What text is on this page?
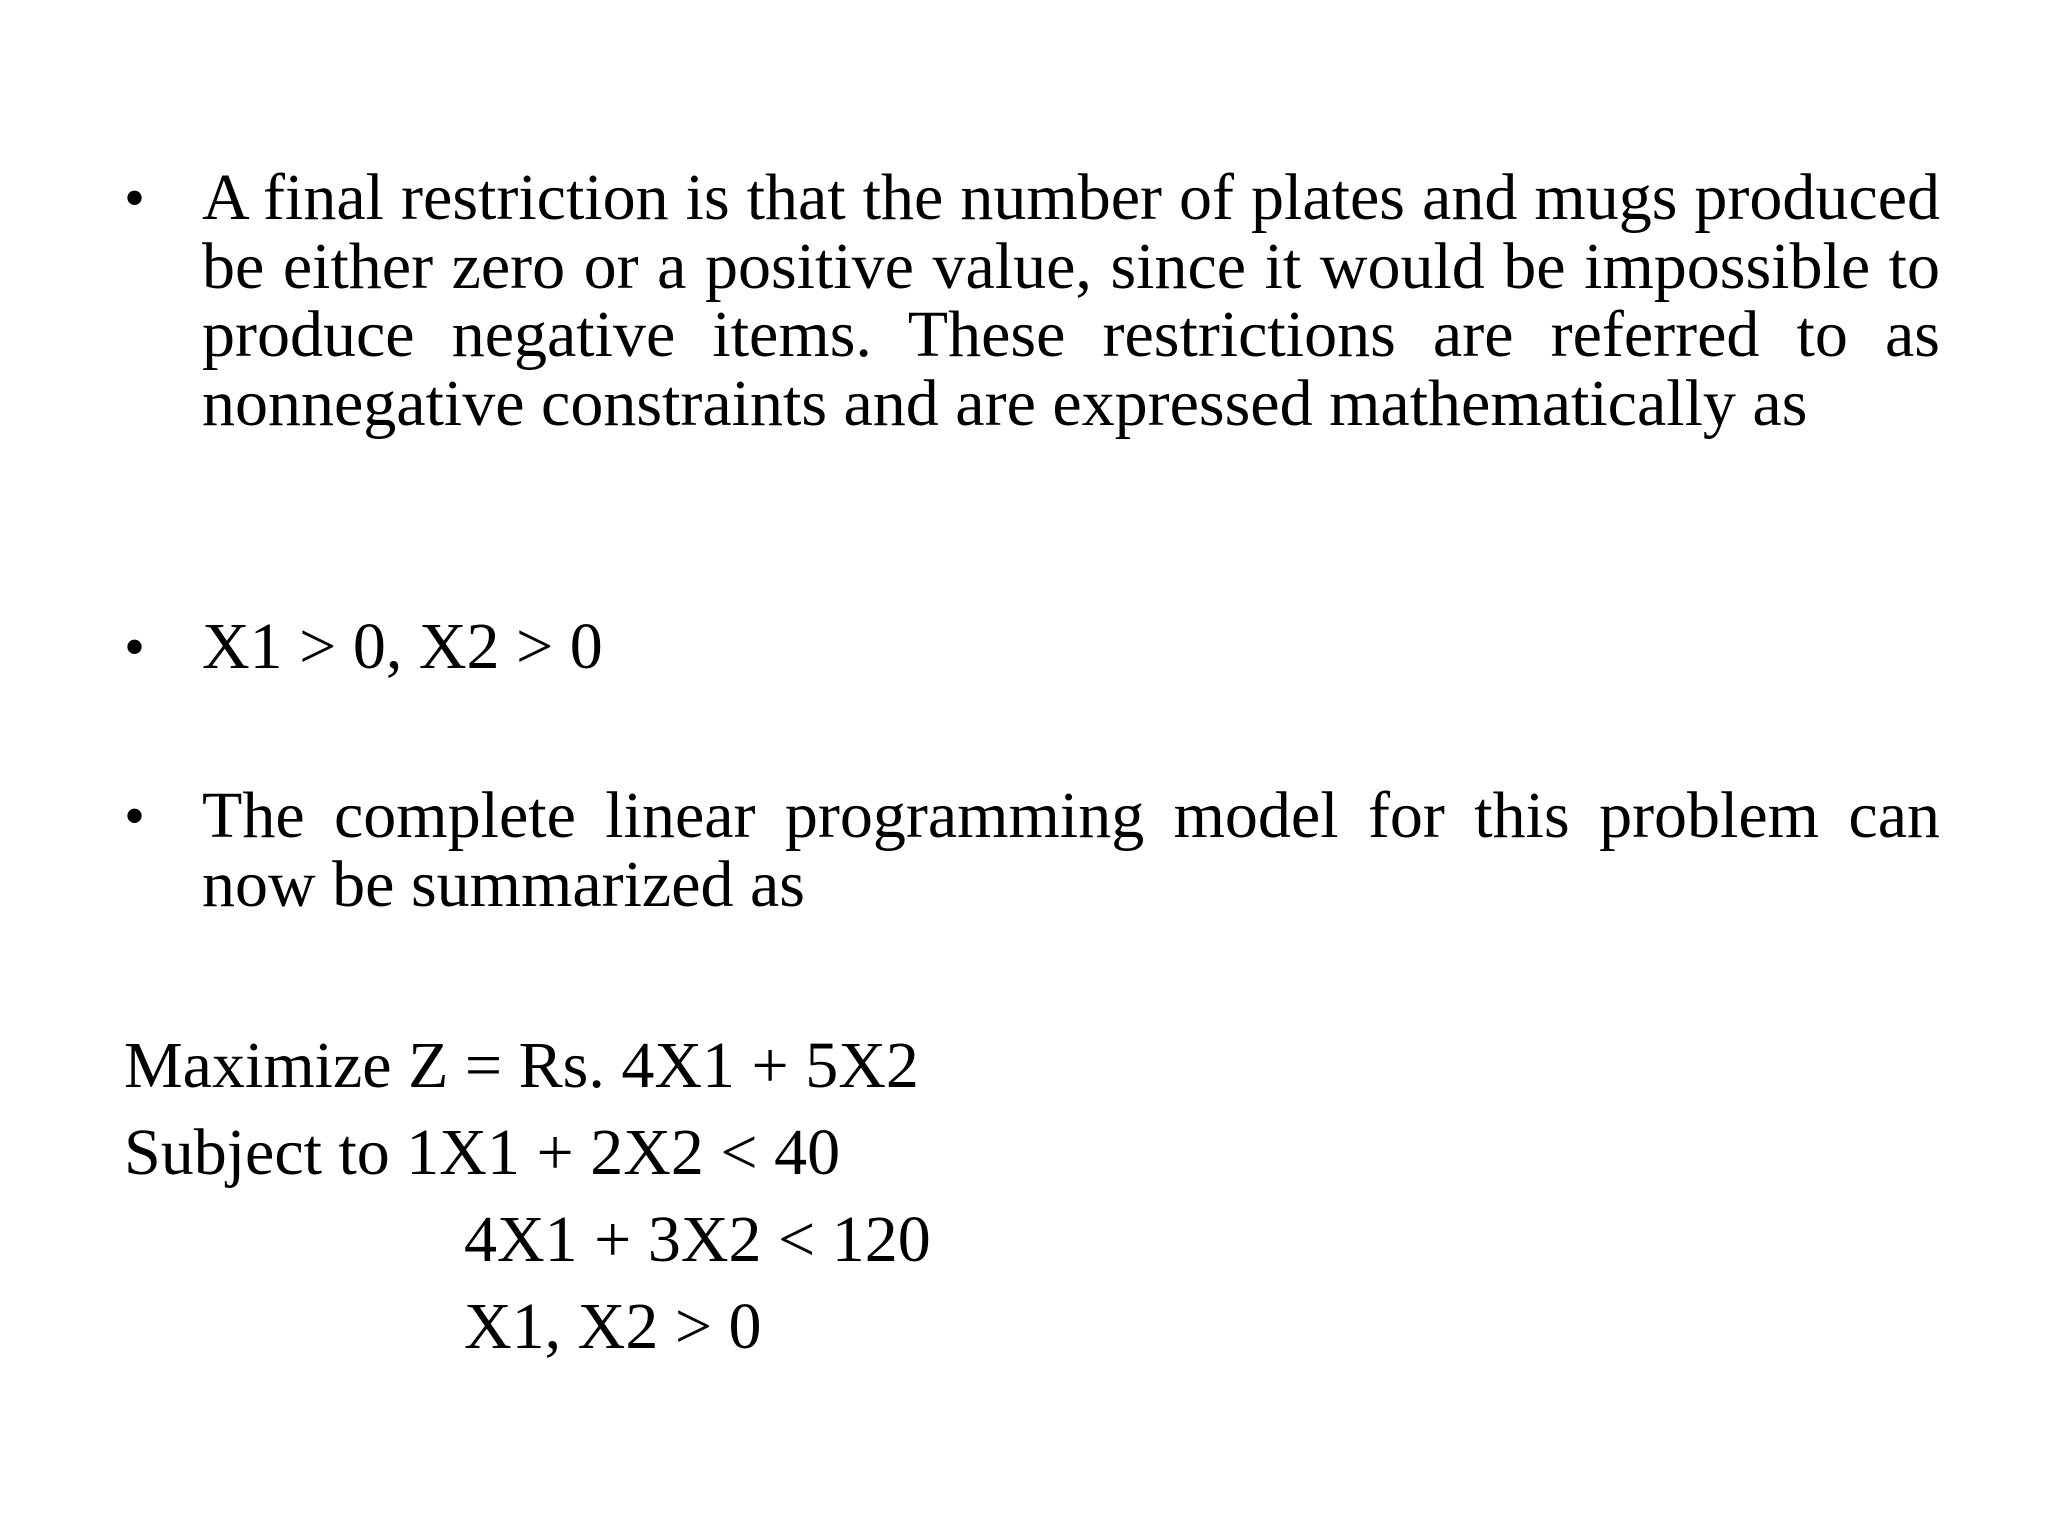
• A final restriction is that the number of plates and mugs produced be either zero or a positive value, since it would be impossible to produce negative items. These restrictions are referred to as nonnegative constraints and are expressed mathematically as
• X1 > 0, X2 > 0
• The complete linear programming model for this problem can now be summarized as
Maximize Z = Rs. 4X1 + 5X2
Subject to 1X1 + 2X2 < 40
4X1 + 3X2 < 120
X1, X2 > 0
